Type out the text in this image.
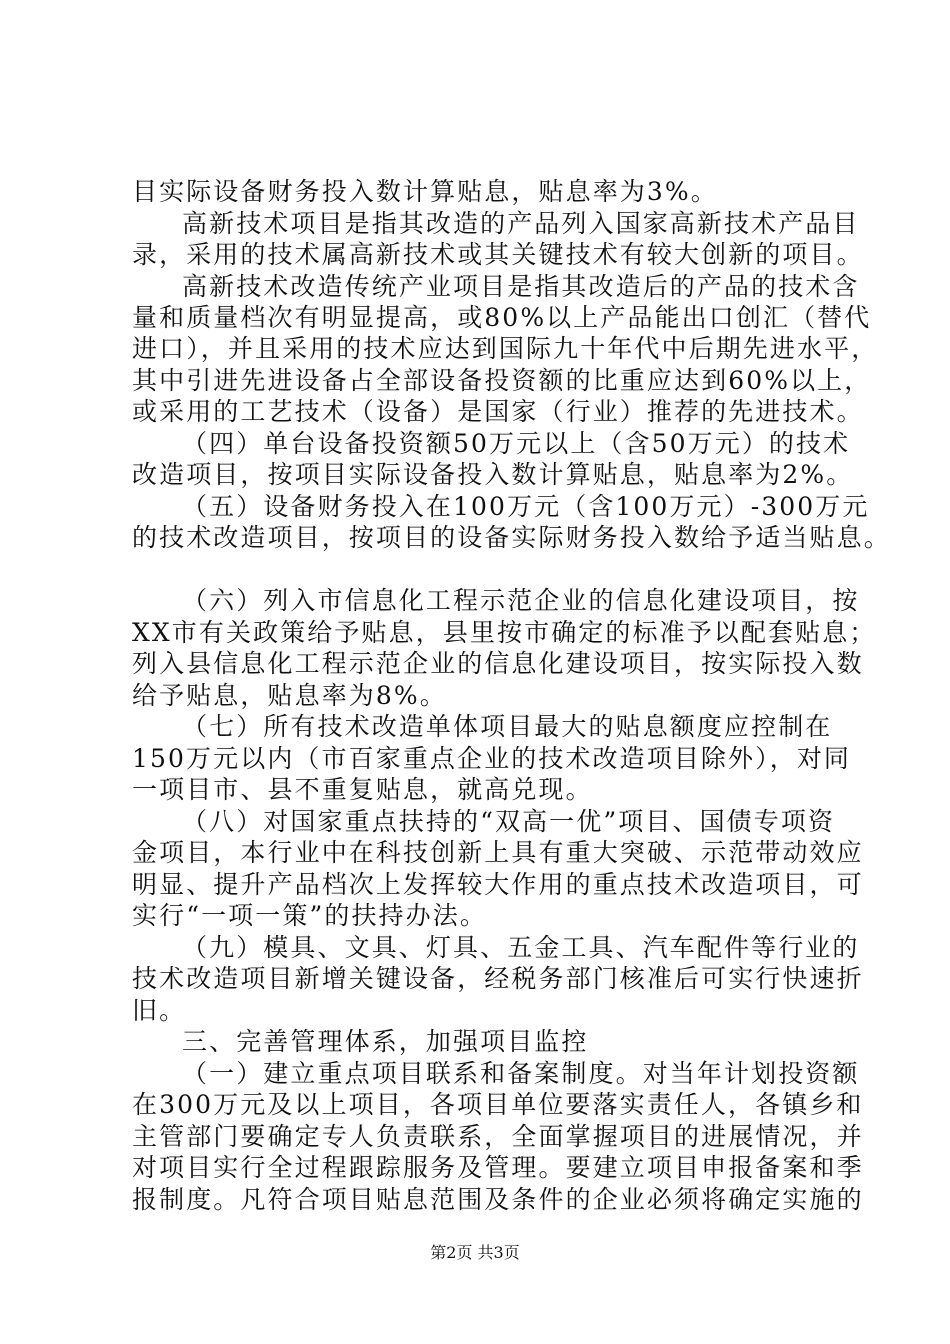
目实际设备财务投入数计算贴息，贴息率为3%。
高新技术项目是指其改造的产品列入国家高新技术产品目
录，采用的技术属高新技术或其关键技术有较大创新的项目。
高新技术改造传统产业项目是指其改造后的产品的技术含
量和质量档次有明显提高，或80%以上产品能出口创汇（替代
进口），并且采用的技术应达到国际九十年代中后期先进水平，
其中引进先进设备占全部设备投资额的比重应达到60%以上，
或采用的工艺技术（设备）是国家（行业）推荐的先进技术。
（四）单台设备投资额50万元以上（含50万元）的技术
改造项目，按项目实际设备投入数计算贴息，贴息率为2%。
（五）设备财务投入在100万元（含100万元）-300万元
的技术改造项目，按项目的设备实际财务投入数给予适当贴息。
（六）列入市信息化工程示范企业的信息化建设项目，按
XX市有关政策给予贴息，县里按市确定的标准予以配套贴息；
列入县信息化工程示范企业的信息化建设项目，按实际投入数
给予贴息，贴息率为8%。
（七）所有技术改造单体项目最大的贴息额度应控制在
150万元以内（市百家重点企业的技术改造项目除外），对同
一项目市、县不重复贴息，就高兑现。
（八）对国家重点扶持的“双高一优”项目、国债专项资
金项目，本行业中在科技创新上具有重大突破、示范带动效应
明显、提升产品档次上发挥较大作用的重点技术改造项目，可
实行“一项一策”的扶持办法。
（九）模具、文具、灯具、五金工具、汽车配件等行业的
技术改造项目新增关键设备，经税务部门核准后可实行快速折
旧。
三、完善管理体系，加强项目监控
（一）建立重点项目联系和备案制度。对当年计划投资额
在300万元及以上项目，各项目单位要落实责任人，各镇乡和
主管部门要确定专人负责联系，全面掌握项目的进展情况，并
对项目实行全过程跟踪服务及管理。要建立项目申报备案和季
报制度。凡符合项目贴息范围及条件的企业必须将确定实施的
第2页 共3页
